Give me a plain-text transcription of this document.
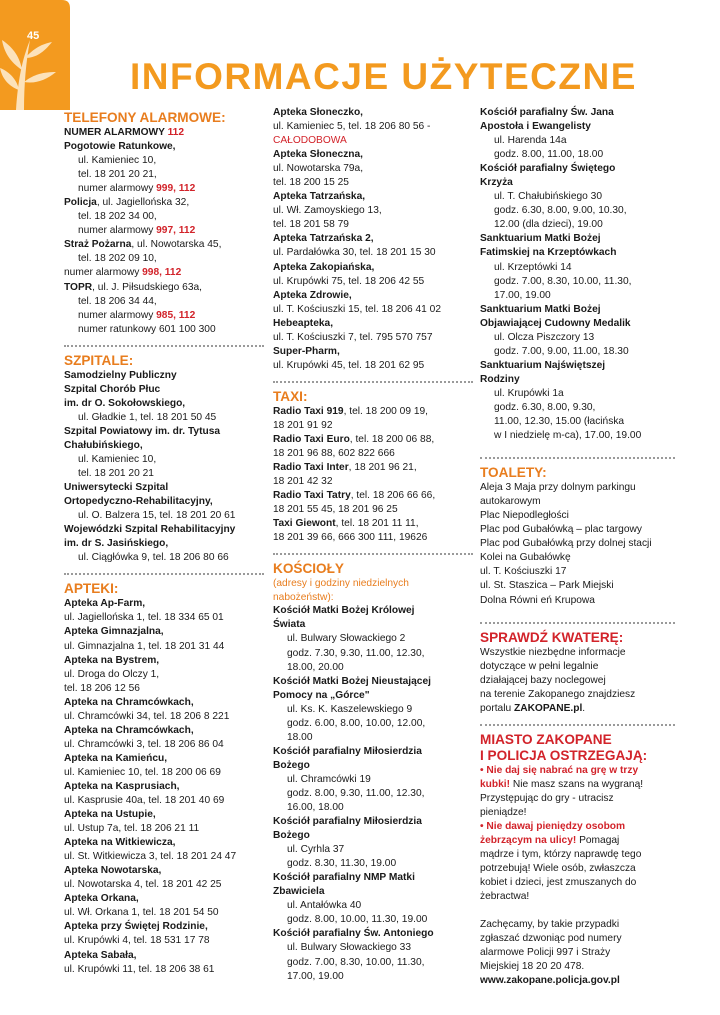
45
INFORMACJE UŻYTECZNE
TELEFONY ALARMOWE:
NUMER ALARMOWY 112
Pogotowie Ratunkowe,
ul. Kamieniec 10,
tel. 18 201 20 21,
numer alarmowy 999, 112
Policja, ul. Jagiellońska 32,
tel. 18 202 34 00,
numer alarmowy 997, 112
Straż Pożarna, ul. Nowotarska 45,
tel. 18 202 09 10,
numer alarmowy 998, 112
TOPR, ul. J. Piłsudskiego 63a,
tel. 18 206 34 44,
numer alarmowy 985, 112
numer ratunkowy 601 100 300
SZPITALE:
Samodzielny Publiczny
Szpital Chorób Płuc
im. dr O. Sokołowskiego,
ul. Gładkie 1, tel. 18 201 50 45
Szpital Powiatowy im. dr. Tytusa
Chałubińskiego,
ul. Kamieniec 10,
tel. 18 201 20 21
Uniwersytecki Szpital
Ortopedyczno-Rehabilitacyjny,
ul. O. Balzera 15, tel. 18 201 20 61
Wojewódzki Szpital Rehabilitacyjny
im. dr S. Jasińskiego,
ul. Ciągłówka 9, tel. 18 206 80 66
APTEKI:
Apteka Ap-Farm,
ul. Jagiellońska 1, tel. 18 334 65 01
Apteka Gimnazjalna,
ul. Gimnazjalna 1, tel. 18 201 31 44
Apteka na Bystrem,
ul. Droga do Olczy 1,
tel. 18 206 12 56
Apteka na Chramcówkach,
ul. Chramcówki 34, tel. 18 206 8 221
Apteka na Chramcówkach,
ul. Chramcówki 3, tel. 18 206 86 04
Apteka na Kamieńcu,
ul. Kamieniec 10, tel. 18 200 06 69
Apteka na Kasprusiach,
ul. Kasprusie 40a, tel. 18 201 40 69
Apteka na Ustupie,
ul. Ustup 7a, tel. 18 206 21 11
Apteka na Witkiewicza,
ul. St. Witkiewicza 3, tel. 18 201 24 47
Apteka Nowotarska,
ul. Nowotarska 4, tel. 18 201 42 25
Apteka Orkana,
ul. Wł. Orkana 1, tel. 18 201 54 50
Apteka przy Świętej Rodzinie,
ul. Krupówki 4, tel. 18 531 17 78
Apteka Sabała,
ul. Krupówki 11, tel. 18 206 38 61
Apteka Słoneczko,
ul. Kamieniec 5, tel. 18 206 80 56 -
CAŁODOBOWA
Apteka Słoneczna,
ul. Nowotarska 79a,
tel. 18 200 15 25
Apteka Tatrzańska,
ul. Wł. Zamoyskiego 13,
tel. 18 201 58 79
Apteka Tatrzańska 2,
ul. Pardałówka 30, tel. 18 201 15 30
Apteka Zakopiańska,
ul. Krupówki 75, tel. 18 206 42 55
Apteka Zdrowie,
ul. T. Kościuszki 15, tel. 18 206 41 02
Hebeapteka,
ul. T. Kościuszki 7, tel. 795 570 757
Super-Pharm,
ul. Krupówki 45, tel. 18 201 62 95
TAXI:
Radio Taxi 919, tel. 18 200 09 19,
18 201 91 92
Radio Taxi Euro, tel. 18 200 06 88,
18 201 96 88, 602 822 666
Radio Taxi Inter, 18 201 96 21,
18 201 42 32
Radio Taxi Tatry, tel. 18 206 66 66,
18 201 55 45, 18 201 96 25
Taxi Giewont, tel. 18 201 11 11,
18 201 39 66, 666 300 111, 19626
KOŚCIOŁY
(adresy i godziny niedzielnych
nabożeństw):
Kościół Matki Bożej Królowej
Świata
ul. Bulwary Słowackiego 2
godz. 7.30, 9.30, 11.00, 12.30,
18.00, 20.00
Kościół Matki Bożej Nieustającej
Pomocy na „Górce"
ul. Ks. K. Kaszelewskiego 9
godz. 6.00, 8.00, 10.00, 12.00,
18.00
Kościół parafialny Miłosierdzia
Bożego
ul. Chramcówki 19
godz. 8.00, 9.30, 11.00, 12.30,
16.00, 18.00
Kościół parafialny Miłosierdzia
Bożego
ul. Cyrhla 37
godz. 8.30, 11.30, 19.00
Kościół parafialny NMP Matki
Zbawiciela
ul. Antałówka 40
godz. 8.00, 10.00, 11.30, 19.00
Kościół parafialny Św. Antoniego
ul. Bulwary Słowackiego 33
godz. 7.00, 8.30, 10.00, 11.30,
17.00, 19.00
Kościół parafialny Św. Jana
Apostoła i Ewangelisty
ul. Harenda 14a
godz. 8.00, 11.00, 18.00
Kościół parafialny Świętego
Krzyża
ul. T. Chałubińskiego 30
godz. 6.30, 8.00, 9.00, 10.30,
12.00 (dla dzieci), 19.00
Sanktuarium Matki Bożej
Fatimskiej na Krzeptówkach
ul. Krzeptówki 14
godz. 7.00, 8.30, 10.00, 11.30,
17.00, 19.00
Sanktuarium Matki Bożej
Objawiającej Cudowny Medalik
ul. Olcza Piszczory 13
godz. 7.00, 9.00, 11.00, 18.30
Sanktuarium Najświętszej
Rodziny
ul. Krupówki 1a
godz. 6.30, 8.00, 9.30,
11.00, 12.30, 15.00 (łacińska
w I niedzielę m-ca), 17.00, 19.00
TOALETY:
Aleja 3 Maja przy dolnym parkingu
autokarowym
Plac Niepodległości
Plac pod Gubałówką – plac targowy
Plac pod Gubałówką przy dolnej stacji
Kolei na Gubałówkę
ul. T. Kościuszki 17
ul. St. Staszica – Park Miejski
Dolna Równi eń Krupowa
SPRAWDŹ KWATERĘ:
Wszystkie niezbędne informacje
dotyczące w pełni legalnie
działającej bazy noclegowej
na terenie Zakopanego znajdziesz
portalu ZAKOPANE.pl.
MIASTO ZAKOPANE
I POLICJA OSTRZEGAJĄ:
• Nie daj się nabrać na grę w trzy
kubki! Nie masz szans na wygraną!
Przystępując do gry - utracisz
pieniądze!
• Nie dawaj pieniędzy osobom
żebrzącym na ulicy! Pomagaj
mądrze i tym, którzy naprawdę tego
potrzebują! Wiele osób, zwłaszcza
kobiet i dzieci, jest zmuszanych do
żebractwa!
Zachęcamy, by takie przypadki
zgłaszać dzwoniąc pod numery
alarmowe Policji 997 i Straży
Miejskiej 18 20 20 478.
www.zakopane.policja.gov.pl
